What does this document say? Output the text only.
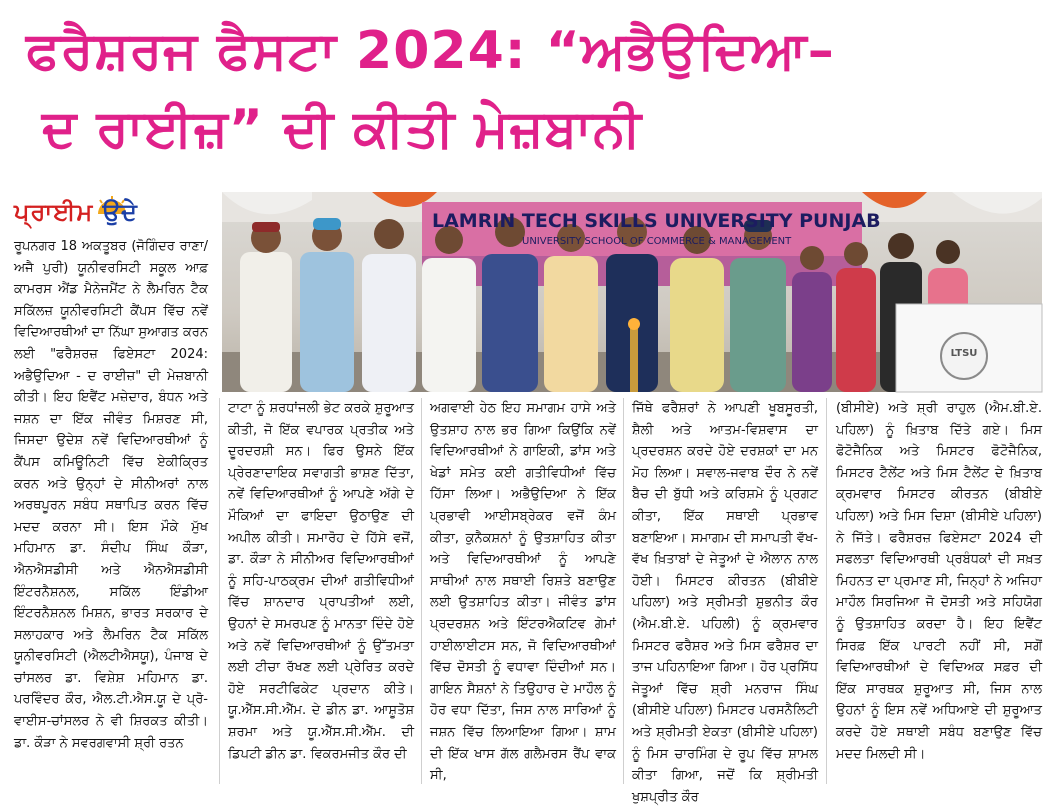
ਫਰੈਸ਼ਰਜ ਫੈਸਟਾ 2024: “ਅਭੈਉਦਿਆ–
ਦ ਰਾਈਜ਼” ਦੀ ਕੀਤੀ ਮੇਜ਼ਬਾਨੀ
ਪ੍ਰਾਈਮ ਉਦੇ	LAMRIN TECH SKILLS UNIVERSITY PUNJAB
UNIVERSITY SCHOOL OF COMMERCE & MANAGEMENT
LTSU

ਰੂਪਨਗਰ 18 ਅਕਤੂਬਰ (ਜੋਗਿੰਦਰ ਰਾਣਾ/ਅਜੈ ਪੁਰੀ) ਯੂਨੀਵਰਸਿਟੀ ਸਕੂਲ ਆਫ਼ ਕਾਮਰਸ ਐਂਡ ਮੈਨੇਜਮੈਂਟ ਨੇ ਲੈਮਰਿਨ ਟੈਕ ਸਕਿੱਲਜ਼ ਯੂਨੀਵਰਸਿਟੀ ਕੈਂਪਸ ਵਿੱਚ ਨਵੇਂ ਵਿਦਿਆਰਥੀਆਂ ਦਾ ਨਿੱਘਾ ਸੁਆਗਤ ਕਰਨ ਲਈ "ਫਰੈਸ਼ਰਜ਼ ਫਿਏਸਟਾ 2024: ਅਭੈਉਦਿਆ - ਦ ਰਾਈਜ਼" ਦੀ ਮੇਜ਼ਬਾਨੀ ਕੀਤੀ। ਇਹ ਇਵੈਂਟ ਮਜ਼ੇਦਾਰ, ਬੰਧਨ ਅਤੇ ਜਸ਼ਨ ਦਾ ਇੱਕ ਜੀਵੰਤ ਮਿਸ਼ਰਣ ਸੀ, ਜਿਸਦਾ ਉਦੇਸ਼ ਨਵੇਂ ਵਿਦਿਆਰਥੀਆਂ ਨੂੰ ਕੈਂਪਸ ਕਮਿਊਨਿਟੀ ਵਿੱਚ ਏਕੀਕ੍ਰਿਤ ਕਰਨ ਅਤੇ ਉਨ੍ਹਾਂ ਦੇ ਸੀਨੀਅਰਾਂ ਨਾਲ ਅਰਥਪੂਰਨ ਸਬੰਧ ਸਥਾਪਿਤ ਕਰਨ ਵਿੱਚ ਮਦਦ ਕਰਨਾ ਸੀ। ਇਸ ਮੌਕੇ ਮੁੱਖ ਮਹਿਮਾਨ ਡਾ. ਸੰਦੀਪ ਸਿੰਘ ਕੌੜਾ, ਐਨਐਸਡੀਸੀ ਅਤੇ ਐਨਐਸਡੀਸੀ ਇੰਟਰਨੈਸ਼ਨਲ, ਸਕਿੱਲ ਇੰਡੀਆ ਇੰਟਰਨੈਸ਼ਨਲ ਮਿਸ਼ਨ, ਭਾਰਤ ਸਰਕਾਰ ਦੇ ਸਲਾਹਕਾਰ ਅਤੇ ਲੈਮਰਿਨ ਟੈਕ ਸਕਿੱਲ ਯੂਨੀਵਰਸਿਟੀ (ਐਲਟੀਐਸਯੂ), ਪੰਜਾਬ ਦੇ ਚਾਂਸਲਰ ਡਾ. ਵਿਸ਼ੇਸ਼ ਮਹਿਮਾਨ ਡਾ. ਪਰਵਿੰਦਰ ਕੌਰ, ਐਲ.ਟੀ.ਐਸ.ਯੂ ਦੇ ਪ੍ਰੋ-ਵਾਈਸ-ਚਾਂਸਲਰ ਨੇ ਵੀ ਸ਼ਿਰਕਤ ਕੀਤੀ। ਡਾ. ਕੌੜਾ ਨੇ ਸਵਰਗਵਾਸੀ ਸ਼੍ਰੀ ਰਤਨ

ਟਾਟਾ ਨੂੰ ਸ਼ਰਧਾਂਜਲੀ ਭੇਟ ਕਰਕੇ ਸ਼ੁਰੂਆਤ ਕੀਤੀ, ਜੋ ਇੱਕ ਵਪਾਰਕ ਪ੍ਰਤੀਕ ਅਤੇ ਦੂਰਦਰਸ਼ੀ ਸਨ। ਫਿਰ ਉਸਨੇ ਇੱਕ ਪ੍ਰੇਰਣਾਦਾਇਕ ਸਵਾਗਤੀ ਭਾਸ਼ਣ ਦਿੱਤਾ, ਨਵੇਂ ਵਿਦਿਆਰਥੀਆਂ ਨੂੰ ਆਪਣੇ ਅੱਗੇ ਦੇ ਮੌਕਿਆਂ ਦਾ ਫਾਇਦਾ ਉਠਾਉਣ ਦੀ ਅਪੀਲ ਕੀਤੀ। ਸਮਾਰੋਹ ਦੇ ਹਿੱਸੇ ਵਜੋਂ, ਡਾ. ਕੌੜਾ ਨੇ ਸੀਨੀਅਰ ਵਿਦਿਆਰਥੀਆਂ ਨੂੰ ਸਹਿ-ਪਾਠਕ੍ਰਮ ਦੀਆਂ ਗਤੀਵਿਧੀਆਂ ਵਿੱਚ ਸ਼ਾਨਦਾਰ ਪ੍ਰਾਪਤੀਆਂ ਲਈ, ਉਹਨਾਂ ਦੇ ਸਮਰਪਣ ਨੂੰ ਮਾਨਤਾ ਦਿੰਦੇ ਹੋਏ ਅਤੇ ਨਵੇਂ ਵਿਦਿਆਰਥੀਆਂ ਨੂੰ ਉੱਤਮਤਾ ਲਈ ਟੀਚਾ ਰੱਖਣ ਲਈ ਪ੍ਰੇਰਿਤ ਕਰਦੇ ਹੋਏ ਸਰਟੀਫਿਕੇਟ ਪ੍ਰਦਾਨ ਕੀਤੇ। ਯੂ.ਐੱਸ.ਸੀ.ਐੱਮ. ਦੇ ਡੀਨ ਡਾ. ਆਸ਼ੂਤੋਸ਼ ਸ਼ਰਮਾ ਅਤੇ ਯੂ.ਐੱਸ.ਸੀ.ਐੱਮ. ਦੀ ਡਿਪਟੀ ਡੀਨ ਡਾ. ਵਿਕਰਮਜੀਤ ਕੌਰ ਦੀ

ਅਗਵਾਈ ਹੇਠ ਇਹ ਸਮਾਗਮ ਹਾਸੇ ਅਤੇ ਉਤਸ਼ਾਹ ਨਾਲ ਭਰ ਗਿਆ ਕਿਉਂਕਿ ਨਵੇਂ ਵਿਦਿਆਰਥੀਆਂ ਨੇ ਗਾਇਕੀ, ਡਾਂਸ ਅਤੇ ਖੇਡਾਂ ਸਮੇਤ ਕਈ ਗਤੀਵਿਧੀਆਂ ਵਿੱਚ ਹਿੱਸਾ ਲਿਆ। ਅਭੈਉਦਿਆ ਨੇ ਇੱਕ ਪ੍ਰਭਾਵੀ ਆਈਸਬ੍ਰੇਕਰ ਵਜੋਂ ਕੰਮ ਕੀਤਾ, ਕੁਨੈਕਸ਼ਨਾਂ ਨੂੰ ਉਤਸ਼ਾਹਿਤ ਕੀਤਾ ਅਤੇ ਵਿਦਿਆਰਥੀਆਂ ਨੂੰ ਆਪਣੇ ਸਾਥੀਆਂ ਨਾਲ ਸਥਾਈ ਰਿਸ਼ਤੇ ਬਣਾਉਣ ਲਈ ਉਤਸ਼ਾਹਿਤ ਕੀਤਾ। ਜੀਵੰਤ ਡਾਂਸ ਪ੍ਰਦਰਸ਼ਨ ਅਤੇ ਇੰਟਰਐਕਟਿਵ ਗੇਮਾਂ ਹਾਈਲਾਈਟਸ ਸਨ, ਜੋ ਵਿਦਿਆਰਥੀਆਂ ਵਿੱਚ ਦੋਸਤੀ ਨੂੰ ਵਧਾਵਾ ਦਿੰਦੀਆਂ ਸਨ। ਗਾਇਨ ਸੈਸ਼ਨਾਂ ਨੇ ਤਿਉਹਾਰ ਦੇ ਮਾਹੌਲ ਨੂੰ ਹੋਰ ਵਧਾ ਦਿੱਤਾ, ਜਿਸ ਨਾਲ ਸਾਰਿਆਂ ਨੂੰ ਜਸ਼ਨ ਵਿੱਚ ਲਿਆਇਆ ਗਿਆ। ਸ਼ਾਮ ਦੀ ਇੱਕ ਖਾਸ ਗੱਲ ਗਲੈਮਰਸ ਰੈਂਪ ਵਾਕ ਸੀ,

ਜਿੱਥੇ ਫਰੈਸ਼ਰਾਂ ਨੇ ਆਪਣੀ ਖੂਬਸੂਰਤੀ, ਸ਼ੈਲੀ ਅਤੇ ਆਤਮ-ਵਿਸ਼ਵਾਸ ਦਾ ਪ੍ਰਦਰਸ਼ਨ ਕਰਦੇ ਹੋਏ ਦਰਸ਼ਕਾਂ ਦਾ ਮਨ ਮੋਹ ਲਿਆ। ਸਵਾਲ-ਜਵਾਬ ਦੌਰ ਨੇ ਨਵੇਂ ਬੈਚ ਦੀ ਬੁੱਧੀ ਅਤੇ ਕਰਿਸ਼ਮੇ ਨੂੰ ਪ੍ਰਗਟ ਕੀਤਾ, ਇੱਕ ਸਥਾਈ ਪ੍ਰਭਾਵ ਬਣਾਇਆ। ਸਮਾਗਮ ਦੀ ਸਮਾਪਤੀ ਵੱਖ-ਵੱਖ ਖ਼ਿਤਾਬਾਂ ਦੇ ਜੇਤੂਆਂ ਦੇ ਐਲਾਨ ਨਾਲ ਹੋਈ। ਮਿਸਟਰ ਕੀਰਤਨ (ਬੀਬੀਏ ਪਹਿਲਾ) ਅਤੇ ਸ੍ਰੀਮਤੀ ਸ਼ੁਭਨੀਤ ਕੌਰ (ਐਮ.ਬੀ.ਏ. ਪਹਿਲੀ) ਨੂੰ ਕ੍ਰਮਵਾਰ ਮਿਸਟਰ ਫਰੈਸ਼ਰ ਅਤੇ ਮਿਸ ਫਰੈਸ਼ਰ ਦਾ ਤਾਜ ਪਹਿਨਾਇਆ ਗਿਆ। ਹੋਰ ਪ੍ਰਸਿੱਧ ਜੇਤੂਆਂ ਵਿੱਚ ਸ਼੍ਰੀ ਮਨਰਾਜ ਸਿੰਘ (ਬੀਸੀਏ ਪਹਿਲਾ) ਮਿਸਟਰ ਪਰਸਨੈਲਿਟੀ ਅਤੇ ਸ਼੍ਰੀਮਤੀ ਏਕਤਾ (ਬੀਸੀਏ ਪਹਿਲਾ) ਨੂੰ ਮਿਸ ਚਾਰਮਿੰਗ ਦੇ ਰੂਪ ਵਿੱਚ ਸ਼ਾਮਲ ਕੀਤਾ ਗਿਆ, ਜਦੋਂ ਕਿ ਸ਼੍ਰੀਮਤੀ ਖੁਸ਼ਪ੍ਰੀਤ ਕੌਰ

(ਬੀਸੀਏ) ਅਤੇ ਸ਼੍ਰੀ ਰਾਹੁਲ (ਐਮ.ਬੀ.ਏ. ਪਹਿਲਾ) ਨੂੰ ਖ਼ਿਤਾਬ ਦਿੱਤੇ ਗਏ। ਮਿਸ ਫੋਟੋਜੈਨਿਕ ਅਤੇ ਮਿਸਟਰ ਫੋਟੋਜੈਨਿਕ, ਮਿਸਟਰ ਟੈਲੇਂਟ ਅਤੇ ਮਿਸ ਟੈਲੇਂਟ ਦੇ ਖ਼ਿਤਾਬ ਕ੍ਰਮਵਾਰ ਮਿਸਟਰ ਕੀਰਤਨ (ਬੀਬੀਏ ਪਹਿਲਾ) ਅਤੇ ਮਿਸ ਦਿਸ਼ਾ (ਬੀਸੀਏ ਪਹਿਲਾ) ਨੇ ਜਿੱਤੇ। ਫਰੈਸ਼ਰਜ਼ ਫਿਏਸਟਾ 2024 ਦੀ ਸਫਲਤਾ ਵਿਦਿਆਰਥੀ ਪ੍ਰਬੰਧਕਾਂ ਦੀ ਸਖ਼ਤ ਮਿਹਨਤ ਦਾ ਪ੍ਰਮਾਣ ਸੀ, ਜਿਨ੍ਹਾਂ ਨੇ ਅਜਿਹਾ ਮਾਹੌਲ ਸਿਰਜਿਆ ਜੋ ਦੋਸਤੀ ਅਤੇ ਸਹਿਯੋਗ ਨੂੰ ਉਤਸ਼ਾਹਿਤ ਕਰਦਾ ਹੈ। ਇਹ ਇਵੈਂਟ ਸਿਰਫ਼ ਇੱਕ ਪਾਰਟੀ ਨਹੀਂ ਸੀ, ਸਗੋਂ ਵਿਦਿਆਰਥੀਆਂ ਦੇ ਵਿਦਿਅਕ ਸਫ਼ਰ ਦੀ ਇੱਕ ਸਾਰਥਕ ਸ਼ੁਰੂਆਤ ਸੀ, ਜਿਸ ਨਾਲ ਉਹਨਾਂ ਨੂੰ ਇਸ ਨਵੇਂ ਅਧਿਆਏ ਦੀ ਸ਼ੁਰੂਆਤ ਕਰਦੇ ਹੋਏ ਸਥਾਈ ਸਬੰਧ ਬਣਾਉਣ ਵਿੱਚ ਮਦਦ ਮਿਲਦੀ ਸੀ।
